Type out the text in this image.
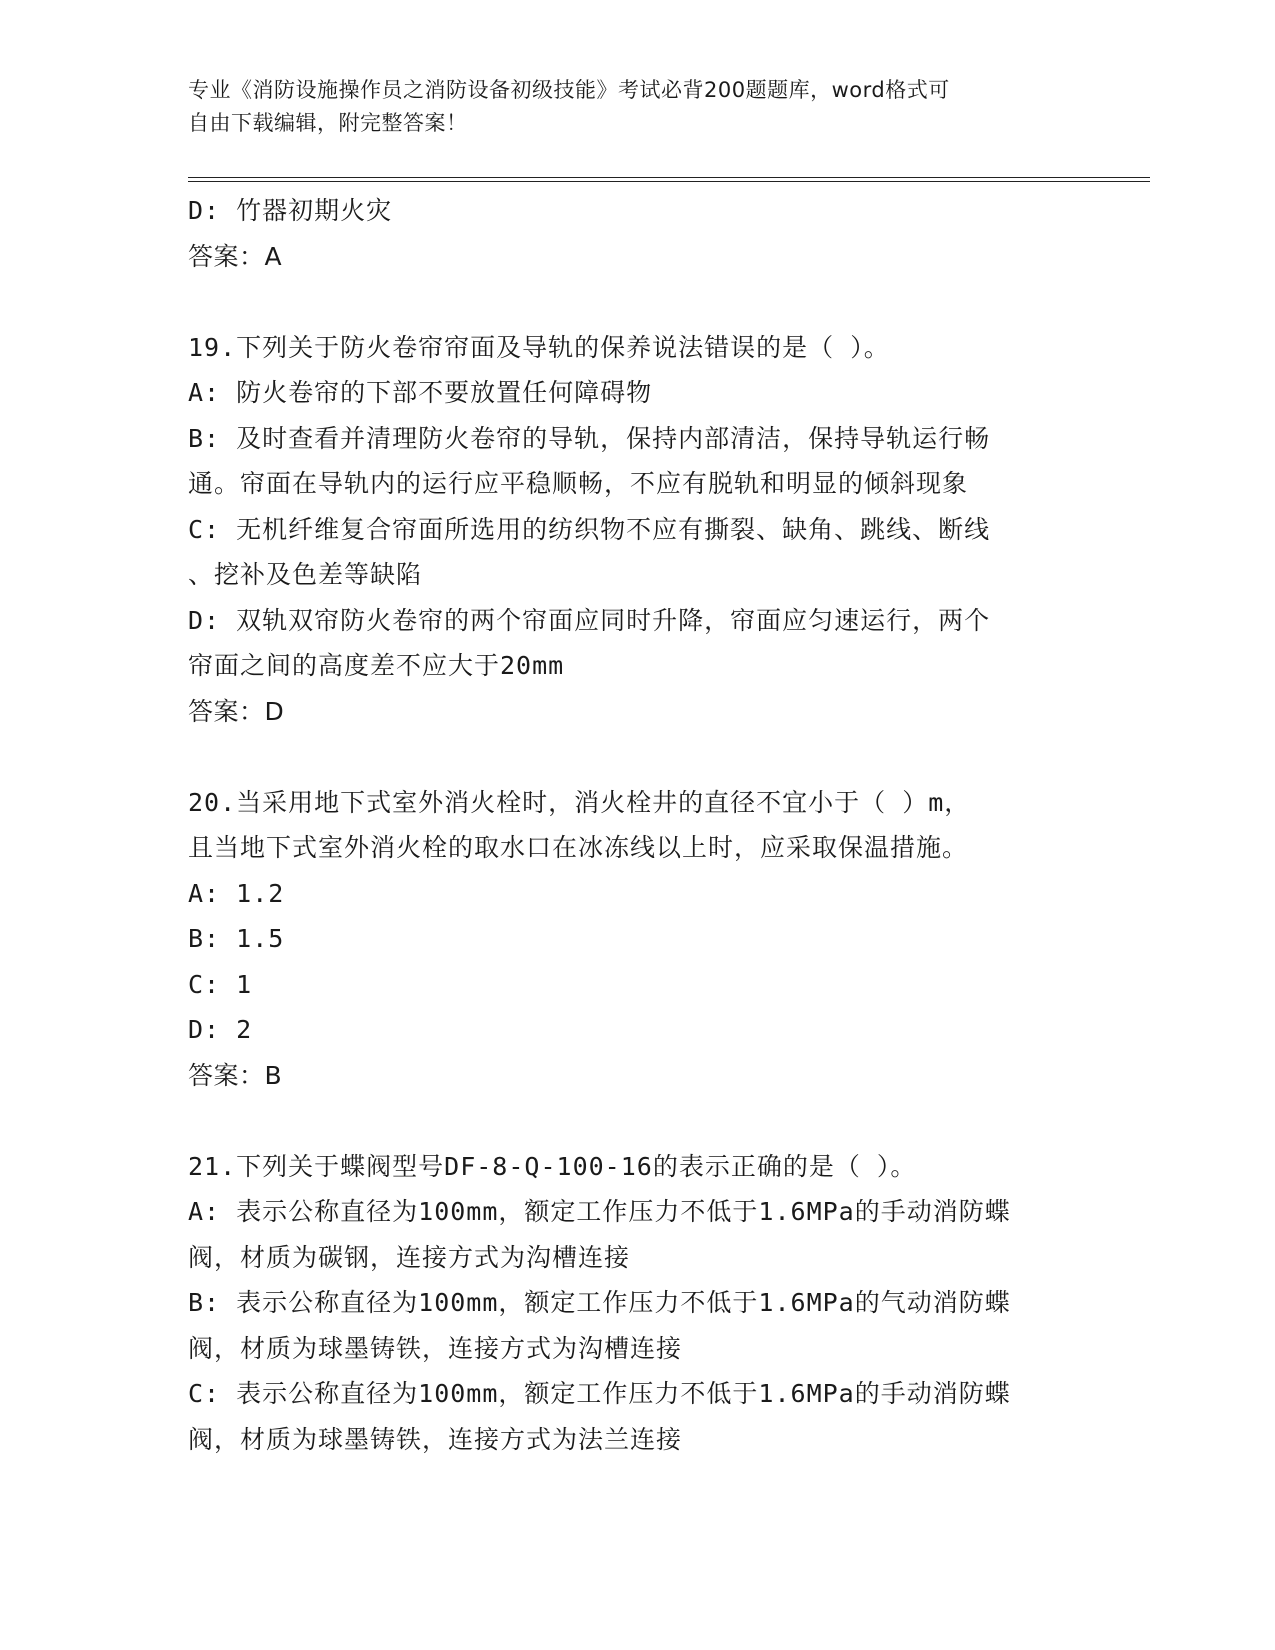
专业《消防设施操作员之消防设备初级技能》考试必背200题题库，word格式可
自由下载编辑，附完整答案！
D: 竹器初期火灾
答案：A
19.下列关于防火卷帘帘面及导轨的保养说法错误的是（ ）。
A: 防火卷帘的下部不要放置任何障碍物
B: 及时查看并清理防火卷帘的导轨，保持内部清洁，保持导轨运行畅
通。帘面在导轨内的运行应平稳顺畅，不应有脱轨和明显的倾斜现象
C: 无机纤维复合帘面所选用的纺织物不应有撕裂、缺角、跳线、断线
、挖补及色差等缺陷
D: 双轨双帘防火卷帘的两个帘面应同时升降，帘面应匀速运行，两个
帘面之间的高度差不应大于20mm
答案：D
20.当采用地下式室外消火栓时，消火栓井的直径不宜小于（ ）m，
且当地下式室外消火栓的取水口在冰冻线以上时，应采取保温措施。
A: 1.2
B: 1.5
C: 1
D: 2
答案：B
21.下列关于蝶阀型号DF-8-Q-100-16的表示正确的是（ ）。
A: 表示公称直径为100mm，额定工作压力不低于1.6MPa的手动消防蝶
阀，材质为碳钢，连接方式为沟槽连接
B: 表示公称直径为100mm，额定工作压力不低于1.6MPa的气动消防蝶
阀，材质为球墨铸铁，连接方式为沟槽连接
C: 表示公称直径为100mm，额定工作压力不低于1.6MPa的手动消防蝶
阀，材质为球墨铸铁，连接方式为法兰连接
